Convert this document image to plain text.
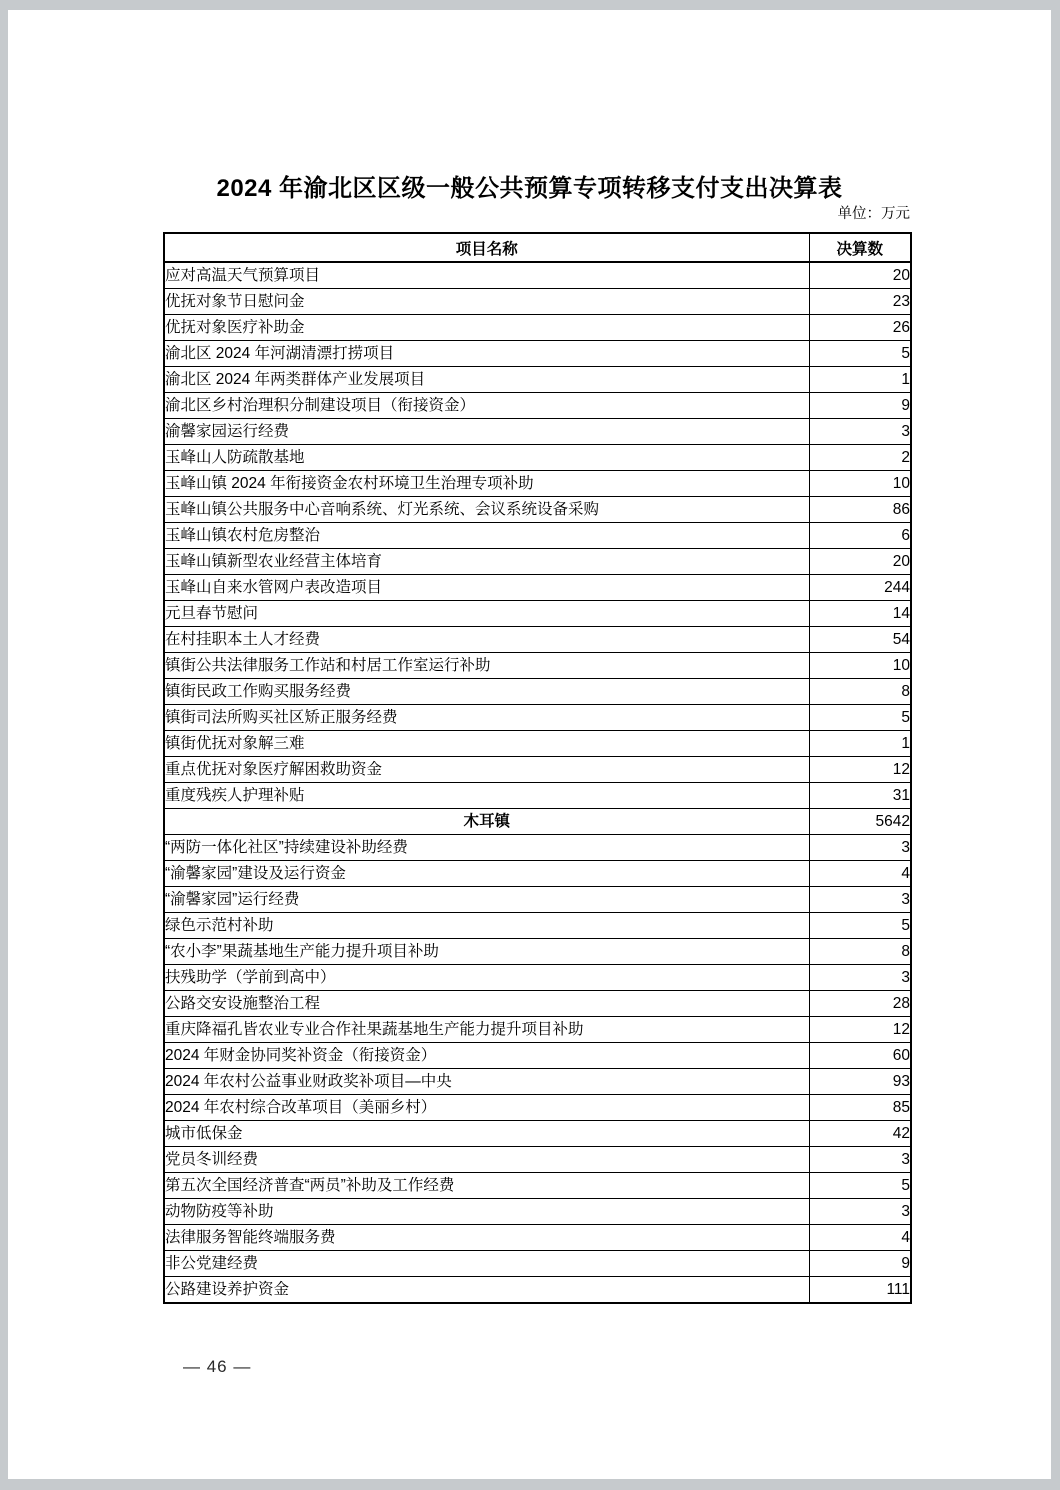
2024 年渝北区区级一般公共预算专项转移支付支出决算表
单位：万元
项目名称	决算数
应对高温天气预算项目	20
优抚对象节日慰问金	23
优抚对象医疗补助金	26
渝北区 2024 年河湖清漂打捞项目	5
渝北区 2024 年两类群体产业发展项目	1
渝北区乡村治理积分制建设项目（衔接资金）	9
渝馨家园运行经费	3
玉峰山人防疏散基地	2
玉峰山镇 2024 年衔接资金农村环境卫生治理专项补助	10
玉峰山镇公共服务中心音响系统、灯光系统、会议系统设备采购	86
玉峰山镇农村危房整治	6
玉峰山镇新型农业经营主体培育	20
玉峰山自来水管网户表改造项目	244
元旦春节慰问	14
在村挂职本土人才经费	54
镇街公共法律服务工作站和村居工作室运行补助	10
镇街民政工作购买服务经费	8
镇街司法所购买社区矫正服务经费	5
镇街优抚对象解三难	1
重点优抚对象医疗解困救助资金	12
重度残疾人护理补贴	31
木耳镇	5642
“两防一体化社区”持续建设补助经费	3
“渝馨家园”建设及运行资金	4
“渝馨家园”运行经费	3
绿色示范村补助	5
“农小李”果蔬基地生产能力提升项目补助	8
扶残助学（学前到高中）	3
公路交安设施整治工程	28
重庆降福孔皆农业专业合作社果蔬基地生产能力提升项目补助	12
2024 年财金协同奖补资金（衔接资金）	60
2024 年农村公益事业财政奖补项目—中央	93
2024 年农村综合改革项目（美丽乡村）	85
城市低保金	42
党员冬训经费	3
第五次全国经济普查“两员”补助及工作经费	5
动物防疫等补助	3
法律服务智能终端服务费	4
非公党建经费	9
公路建设养护资金	111
— 46 —
